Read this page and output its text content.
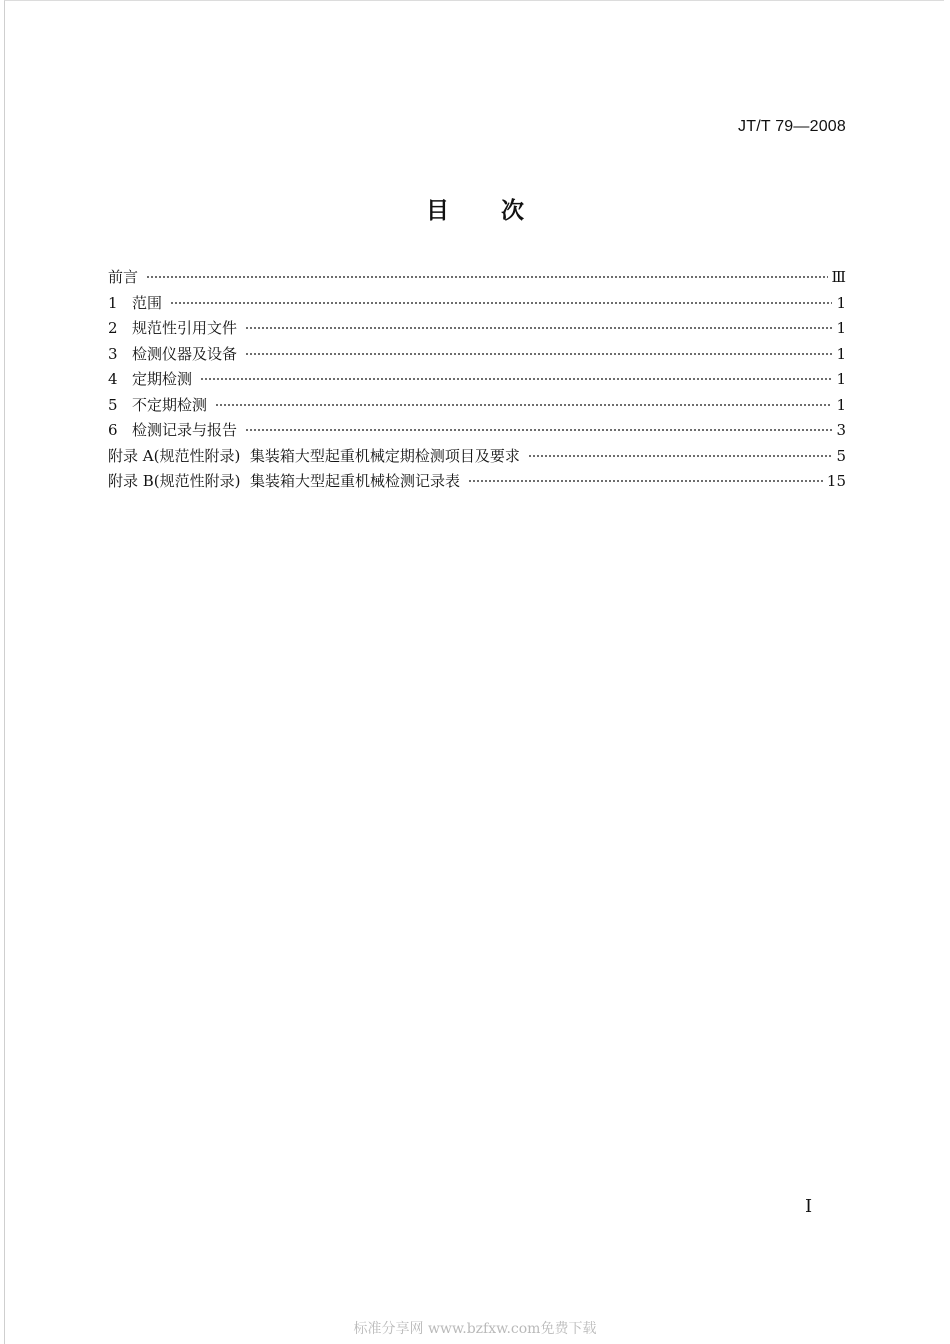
JT/T 79—2008
目 次
前言	Ⅲ
1 范围	1
2 规范性引用文件	1
3 检测仪器及设备	1
4 定期检测	1
5 不定期检测	1
6 检测记录与报告	3
附录 A(规范性附录)  集装箱大型起重机械定期检测项目及要求	5
附录 B(规范性附录)  集装箱大型起重机械检测记录表	15
I
标准分享网 www.bzfxw.com免费下载
